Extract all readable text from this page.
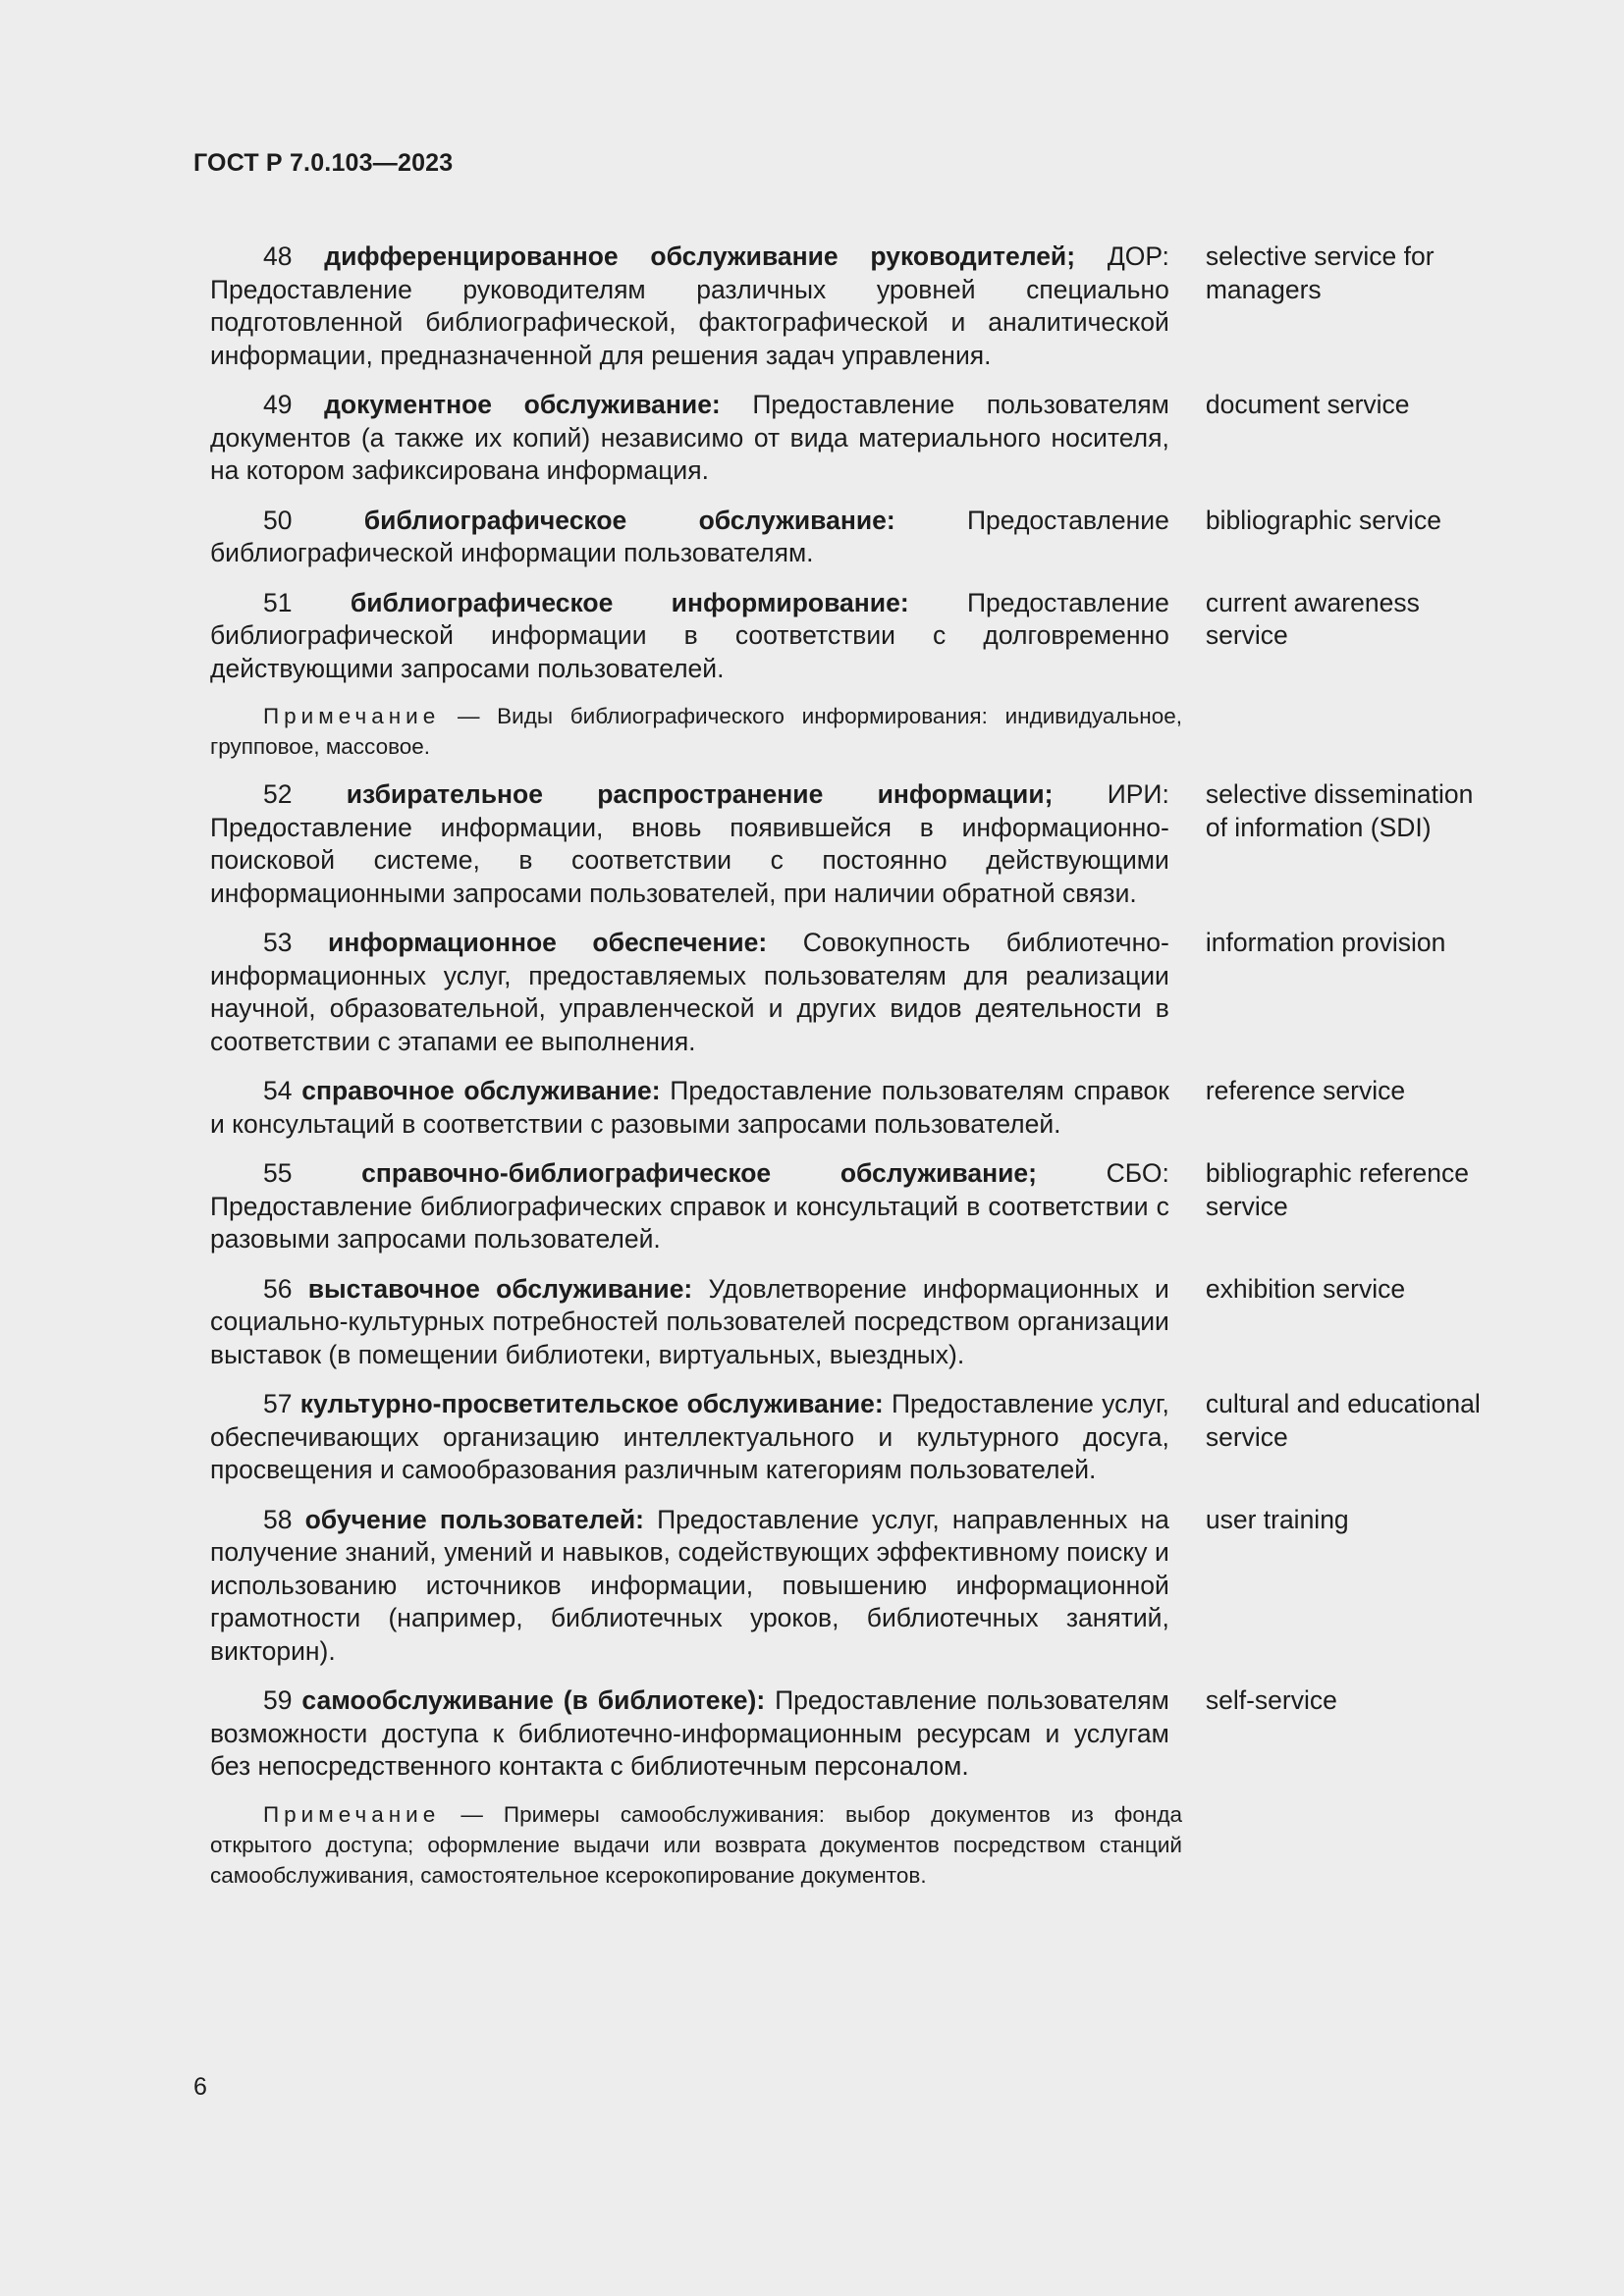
ГОСТ Р 7.0.103—2023
48 дифференцированное обслуживание руководителей; ДОР: Предоставление руководителям различных уровней специально подготовленной библиографической, фактографической и аналитической информации, предназначенной для решения задач управления.
selective service for managers
49 документное обслуживание: Предоставление пользователям документов (а также их копий) независимо от вида материального носителя, на котором зафиксирована информация.
document service
50	библиографическое обслуживание: Предоставление библиографической информации пользователям.
bibliographic service
51 библиографическое информирование: Предоставление библиографической информации в соответствии с долговременно действующими запросами пользователей.
current awareness service
Примечание — Виды библиографического информирования: индивидуальное, групповое, массовое.
52 избирательное распространение информации; ИРИ: Предоставление информации, вновь появившейся в информационно-поисковой системе, в соответствии с постоянно действующими информационными запросами пользователей, при наличии обратной связи.
selective dissemination of information (SDI)
53 информационное обеспечение: Совокупность библиотечно-информационных услуг, предоставляемых пользователям для реализации научной, образовательной, управленческой и других видов деятельности в соответствии с этапами ее выполнения.
information provision
54 справочное обслуживание: Предоставление пользователям справок и консультаций в соответствии с разовыми запросами пользователей.
reference service
55	справочно-библиографическое обслуживание; СБО: Предоставление библиографических справок и консультаций в соответствии с разовыми запросами пользователей.
bibliographic reference service
56 выставочное обслуживание: Удовлетворение информационных и социально-культурных потребностей пользователей посредством организации выставок (в помещении библиотеки, виртуальных, выездных).
exhibition service
57 культурно-просветительское обслуживание: Предоставление услуг, обеспечивающих организацию интеллектуального и культурного досуга, просвещения и самообразования различным категориям пользователей.
cultural and educational service
58 обучение пользователей: Предоставление услуг, направленных на получение знаний, умений и навыков, содействующих эффективному поиску и использованию источников информации, повышению информационной грамотности (например, библиотечных уроков, библиотечных занятий, викторин).
user training
59 самообслуживание (в библиотеке): Предоставление пользователям возможности доступа к библиотечно-информационным ресурсам и услугам без непосредственного контакта с библиотечным персоналом.
self-service
Примечание — Примеры самообслуживания: выбор документов из фонда открытого доступа; оформление выдачи или возврата документов посредством станций самообслуживания, самостоятельное ксерокопирование документов.
6
